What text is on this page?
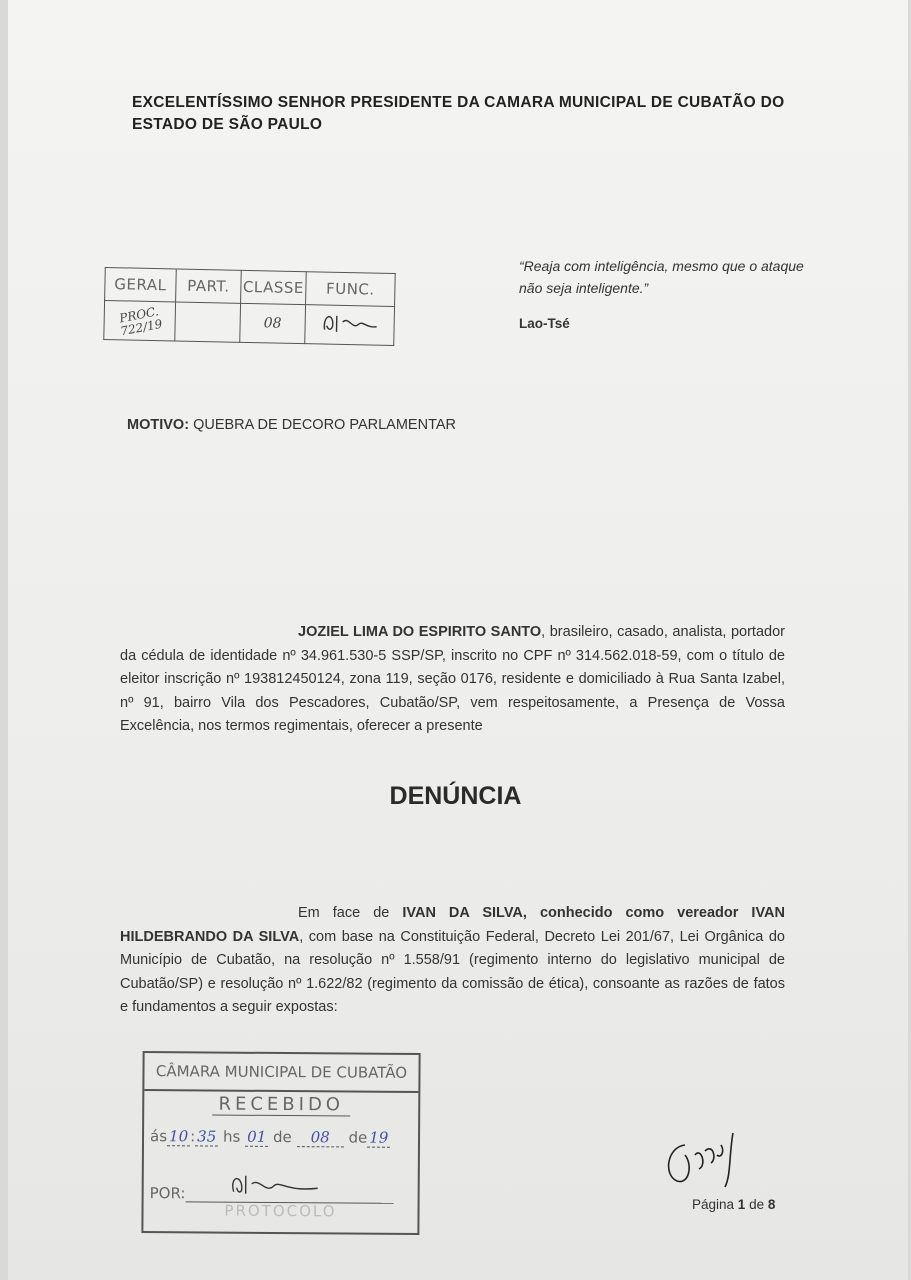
EXCELENTÍSSIMO SENHOR PRESIDENTE DA CAMARA MUNICIPAL DE CUBATÃO DO ESTADO DE SÃO PAULO
“Reaja com inteligência, mesmo que o ataque não seja inteligente.”
Lao-Tsé
GERAL	PART.	CLASSE	FUNC.
PROC. 722/19		08	
MOTIVO: QUEBRA DE DECORO PARLAMENTAR
JOZIEL LIMA DO ESPIRITO SANTO, brasileiro, casado, analista, portador da cédula de identidade nº 34.961.530-5 SSP/SP, inscrito no CPF nº 314.562.018-59, com o título de eleitor inscrição nº 193812450124, zona 119, seção 0176, residente e domiciliado à Rua Santa Izabel, nº 91, bairro Vila dos Pescadores, Cubatão/SP, vem respeitosamente, a Presença de Vossa Excelência, nos termos regimentais, oferecer a presente
DENÚNCIA
Em face de IVAN DA SILVA, conhecido como vereador IVAN HILDEBRANDO DA SILVA, com base na Constituição Federal, Decreto Lei 201/67, Lei Orgânica do Município de Cubatão, na resolução nº 1.558/91 (regimento interno do legislativo municipal de Cubatão/SP) e resolução nº 1.622/82 (regimento da comissão de ética), consoante as razões de fatos e fundamentos a seguir expostas:
CÂMARA MUNICIPAL DE CUBATÃO
RECEBIDO
ás 10 : 35 hs 01 de 08 de 19
POR:
PROTOCOLO	Página 1 de 8
